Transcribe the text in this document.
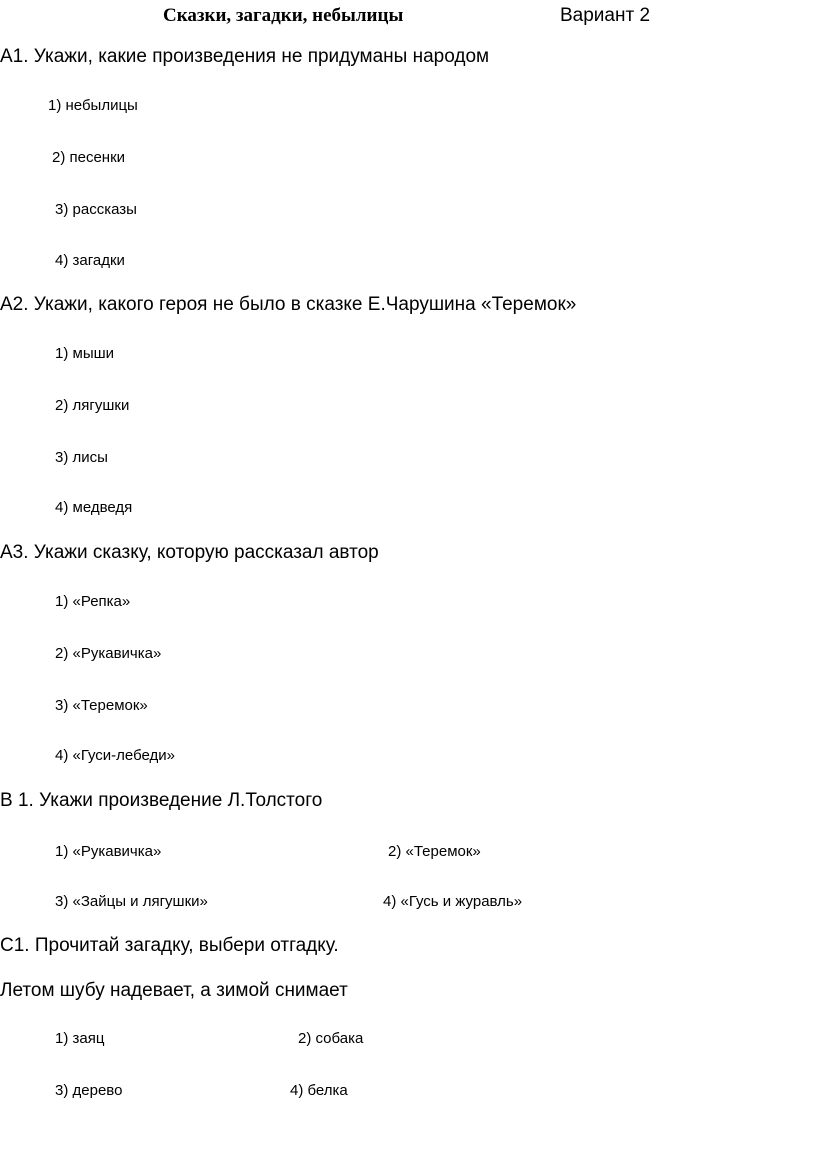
Сказки, загадки, небылицы	Вариант 2
А1. Укажи, какие произведения не придуманы народом
1) небылицы
2) песенки
3) рассказы
4) загадки
А2. Укажи, какого героя не было в сказке Е.Чарушина «Теремок»
1) мыши
2) лягушки
3) лисы
4) медведя
А3. Укажи сказку, которую рассказал автор
1) «Репка»
2) «Рукавичка»
3) «Теремок»
4) «Гуси-лебеди»
В 1. Укажи произведение Л.Толстого
1) «Рукавичка»	2) «Теремок»
3) «Зайцы и лягушки»	4) «Гусь и журавль»
С1. Прочитай загадку, выбери отгадку.
Летом шубу надевает, а зимой снимает
1) заяц	2) собака
3) дерево	4) белка
